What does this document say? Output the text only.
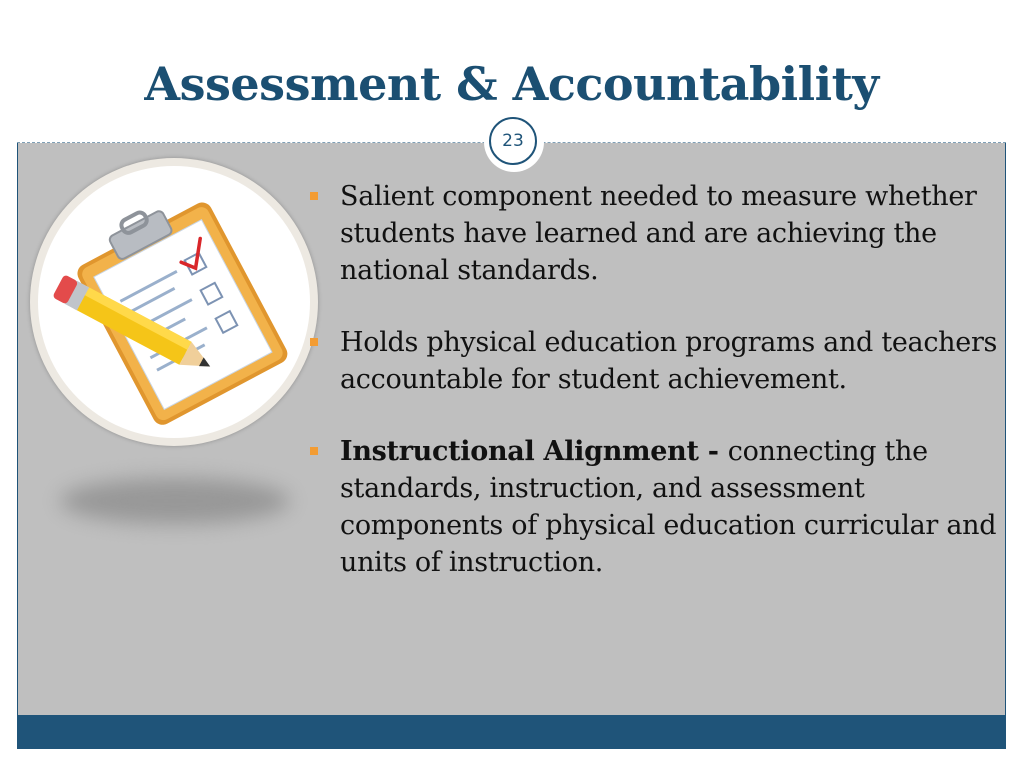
Assessment & Accountability
23
Salient component needed to measure whether students have learned and are achieving the national standards.
Holds physical education programs and teachers accountable for student achievement.
Instructional Alignment - connecting the standards, instruction, and assessment components of physical education curricular and units of instruction.
